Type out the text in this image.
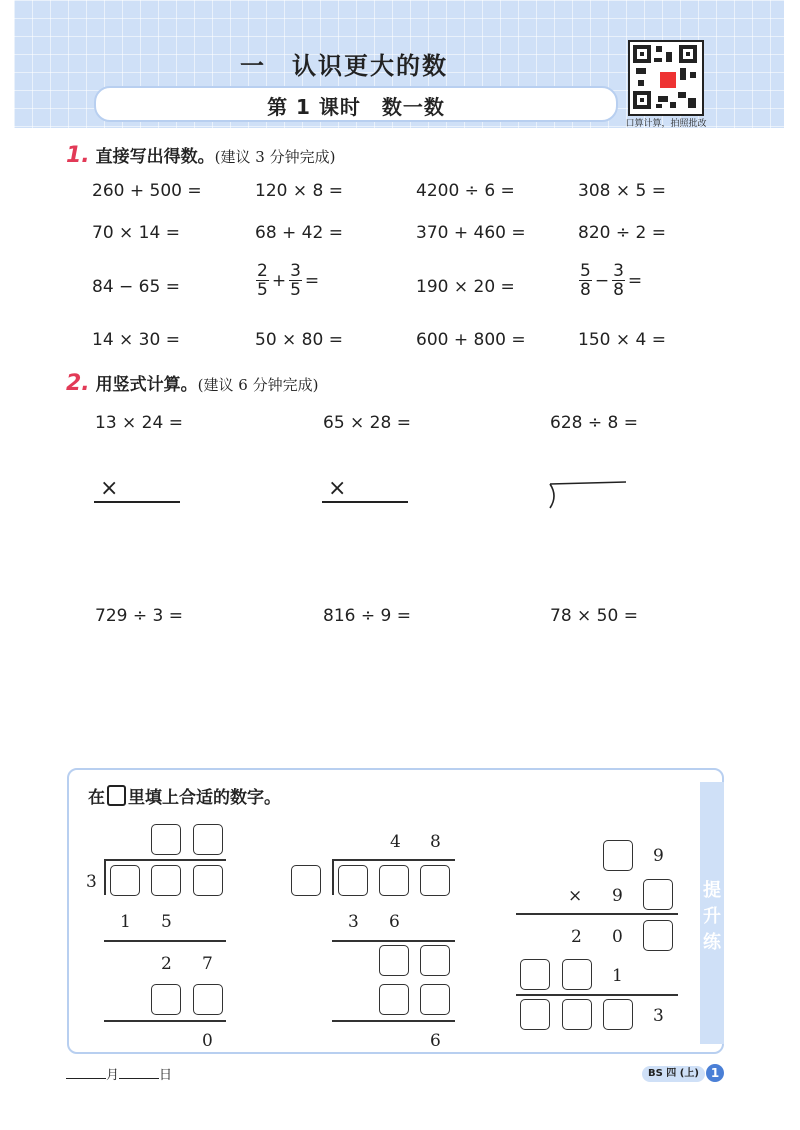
一　认识更大的数
第 1 课时　数一数
口算计算，拍照批改
1. 直接写出得数。(建议 3 分钟完成)
260 + 500 =	120 × 8 =	4200 ÷ 6 =	308 × 5 =
70 × 14 =	68 + 42 =	370 + 460 =	820 ÷ 2 =
84 − 65 =	$\frac{2}{5} + \frac{3}{5}$ =	190 × 20 =	$\frac{5}{8} - \frac{3}{8}$ =
14 × 30 =	50 × 80 =	600 + 800 =	150 × 4 =
2. 用竖式计算。(建议 6 分钟完成)
13 × 24 =	65 × 28 =	628 ÷ 8 =
×	×
729 ÷ 3 =	816 ÷ 9 =	78 × 50 =
提
升
练
在 里填上合适的数字。
3
1 5
2 7
0
4 8
3 6
6
9
× 9
2 0
1
3
月	日	BS 四 (上) 1
